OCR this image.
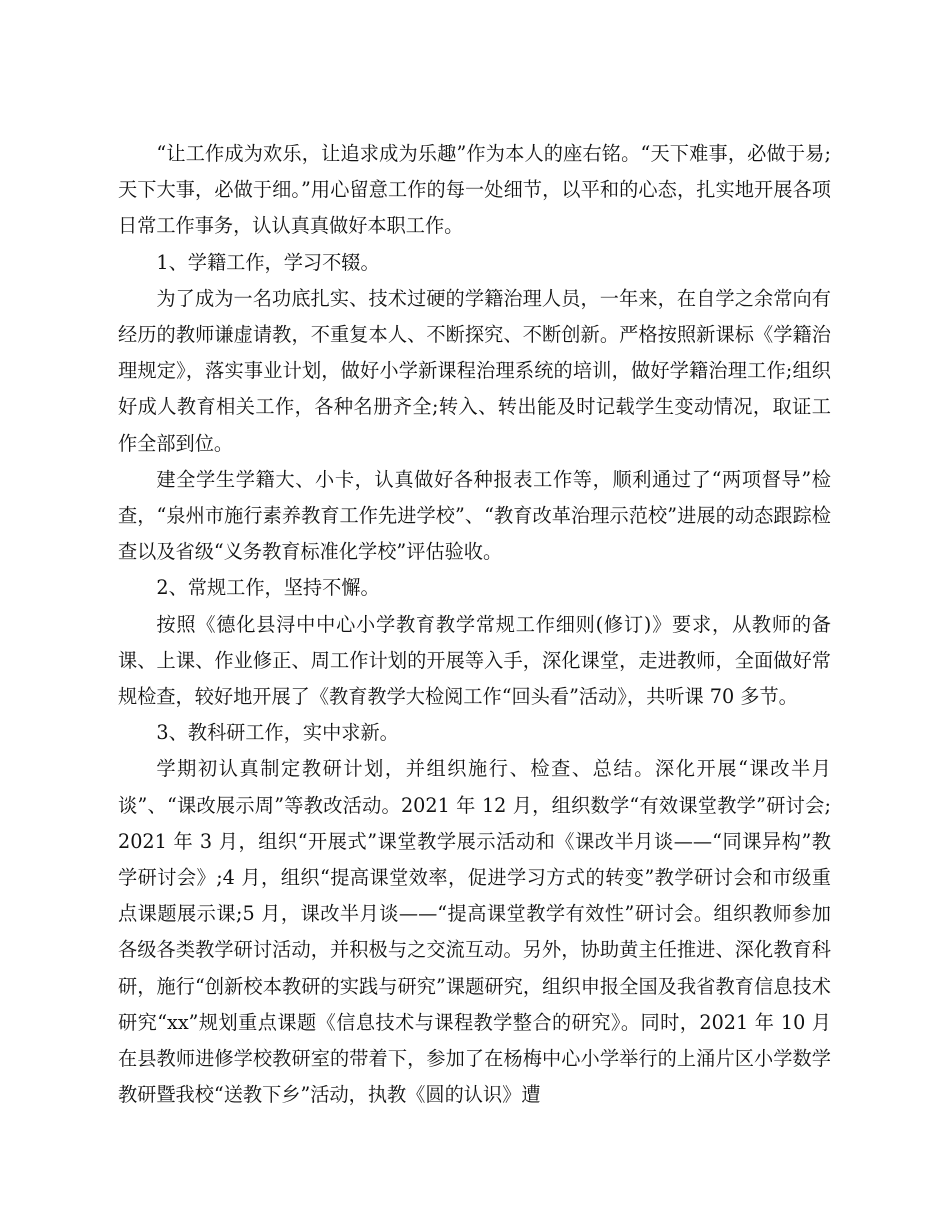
“让工作成为欢乐，让追求成为乐趣”作为本人的座右铭。“天下难事，必做于易;天下大事，必做于细。”用心留意工作的每一处细节，以平和的心态，扎实地开展各项日常工作事务，认认真真做好本职工作。

1、学籍工作，学习不辍。

为了成为一名功底扎实、技术过硬的学籍治理人员，一年来，在自学之余常向有经历的教师谦虚请教，不重复本人、不断探究、不断创新。严格按照新课标《学籍治理规定》，落实事业计划，做好小学新课程治理系统的培训，做好学籍治理工作;组织好成人教育相关工作，各种名册齐全;转入、转出能及时记载学生变动情况，取证工作全部到位。

建全学生学籍大、小卡，认真做好各种报表工作等，顺利通过了“两项督导”检查，“泉州市施行素养教育工作先进学校”、“教育改革治理示范校”进展的动态跟踪检查以及省级“义务教育标准化学校”评估验收。

2、常规工作，坚持不懈。

按照《德化县浔中中心小学教育教学常规工作细则(修订)》要求，从教师的备课、上课、作业修正、周工作计划的开展等入手，深化课堂，走进教师，全面做好常规检查，较好地开展了《教育教学大检阅工作“回头看”活动》，共听课 70 多节。

3、教科研工作，实中求新。

学期初认真制定教研计划，并组织施行、检查、总结。深化开展“课改半月谈”、“课改展示周”等教改活动。2021 年 12 月，组织数学“有效课堂教学”研讨会;2021 年 3 月，组织“开展式”课堂教学展示活动和《课改半月谈——“同课异构”教学研讨会》;4 月，组织“提高课堂效率，促进学习方式的转变”教学研讨会和市级重点课题展示课;5 月，课改半月谈——“提高课堂教学有效性”研讨会。组织教师参加各级各类教学研讨活动，并积极与之交流互动。另外，协助黄主任推进、深化教育科研，施行“创新校本教研的实践与研究”课题研究，组织申报全国及我省教育信息技术研究“xx”规划重点课题《信息技术与课程教学整合的研究》。同时，2021 年 10 月在县教师进修学校教研室的带着下，参加了在杨梅中心小学举行的上涌片区小学数学教研暨我校“送教下乡”活动，执教《圆的认识》遭
